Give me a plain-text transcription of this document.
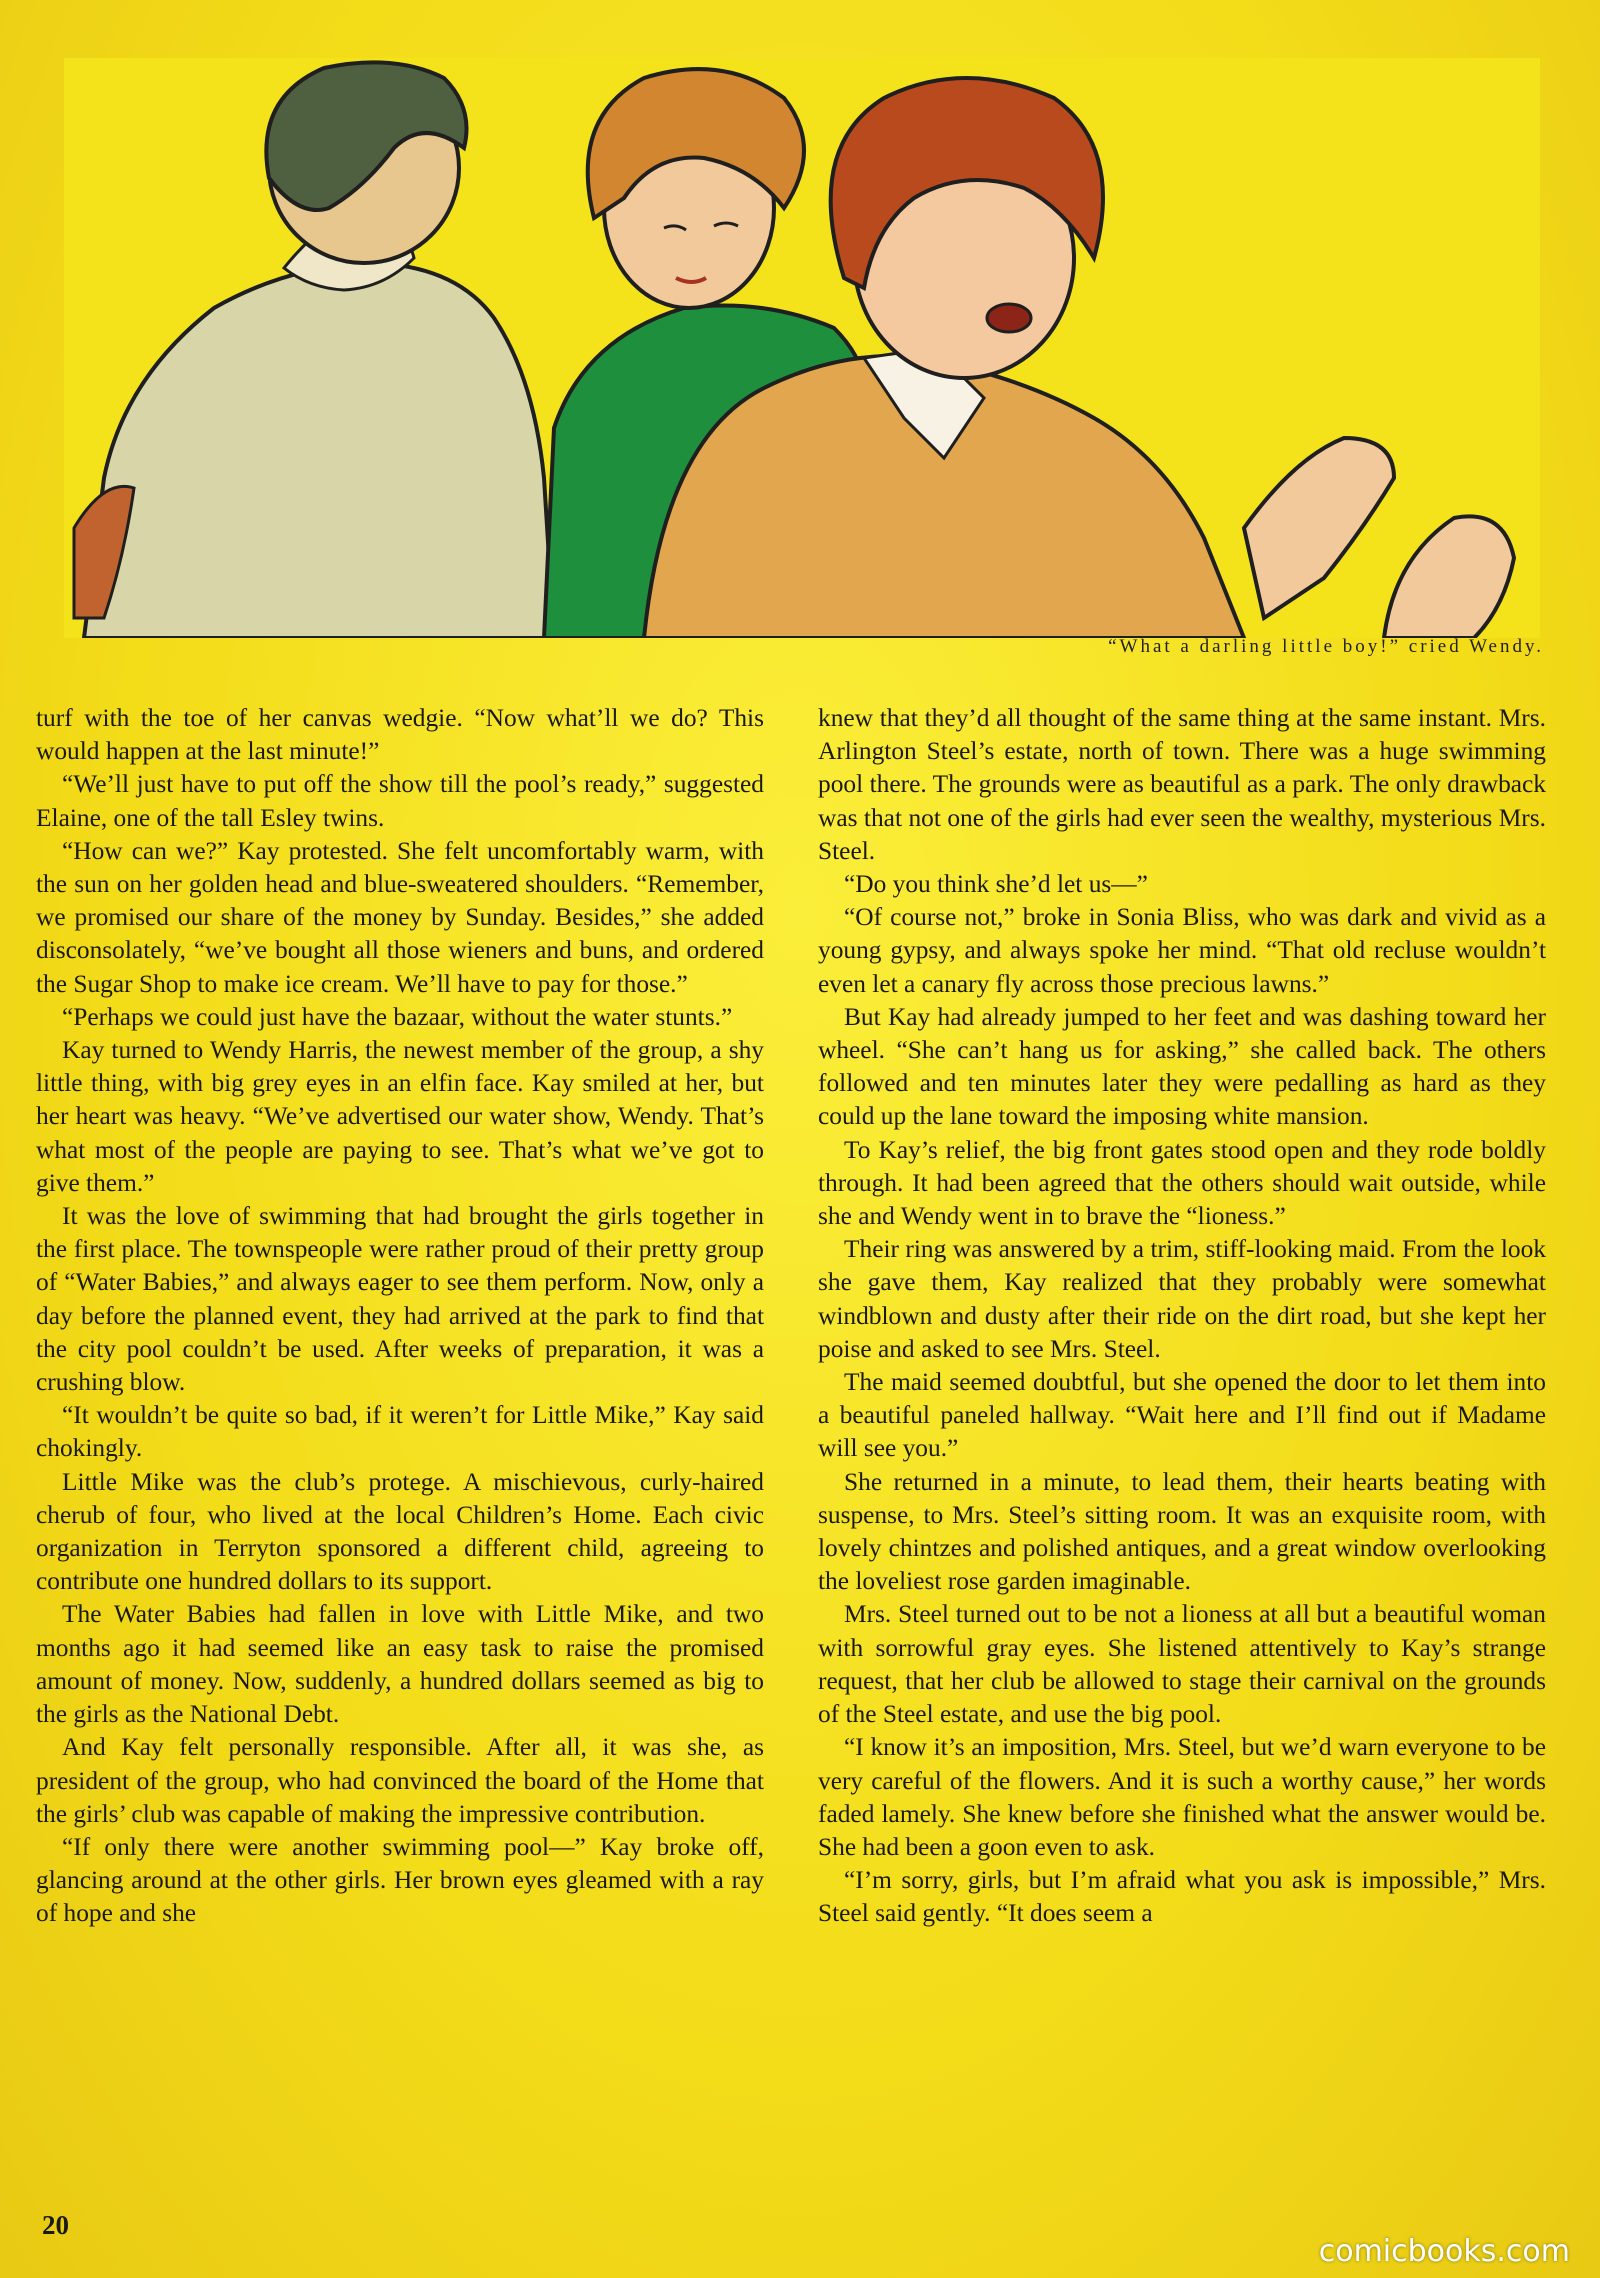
“What a darling little boy!” cried Wendy.

turf with the toe of her canvas wedgie. “Now what’ll we do? This would happen at the last minute!”

“We’ll just have to put off the show till the pool’s ready,” suggested Elaine, one of the tall Esley twins.

“How can we?” Kay protested. She felt uncomfortably warm, with the sun on her golden head and blue-sweatered shoulders. “Remember, we promised our share of the money by Sunday. Besides,” she added disconsolately, “we’ve bought all those wieners and buns, and ordered the Sugar Shop to make ice cream. We’ll have to pay for those.”

“Perhaps we could just have the bazaar, without the water stunts.”

Kay turned to Wendy Harris, the newest member of the group, a shy little thing, with big grey eyes in an elfin face. Kay smiled at her, but her heart was heavy. “We’ve advertised our water show, Wendy. That’s what most of the people are paying to see. That’s what we’ve got to give them.”

It was the love of swimming that had brought the girls together in the first place. The townspeople were rather proud of their pretty group of “Water Babies,” and always eager to see them perform. Now, only a day before the planned event, they had arrived at the park to find that the city pool couldn’t be used. After weeks of preparation, it was a crushing blow.

“It wouldn’t be quite so bad, if it weren’t for Little Mike,” Kay said chokingly.

Little Mike was the club’s protege. A mischievous, curly-haired cherub of four, who lived at the local Children’s Home. Each civic organization in Terryton sponsored a different child, agreeing to contribute one hundred dollars to its support.

The Water Babies had fallen in love with Little Mike, and two months ago it had seemed like an easy task to raise the promised amount of money. Now, suddenly, a hundred dollars seemed as big to the girls as the National Debt.

And Kay felt personally responsible. After all, it was she, as president of the group, who had convinced the board of the Home that the girls’ club was capable of making the impressive contribution.

“If only there were another swimming pool—” Kay broke off, glancing around at the other girls. Her brown eyes gleamed with a ray of hope and she

knew that they’d all thought of the same thing at the same instant. Mrs. Arlington Steel’s estate, north of town. There was a huge swimming pool there. The grounds were as beautiful as a park. The only drawback was that not one of the girls had ever seen the wealthy, mysterious Mrs. Steel.

“Do you think she’d let us—”

“Of course not,” broke in Sonia Bliss, who was dark and vivid as a young gypsy, and always spoke her mind. “That old recluse wouldn’t even let a canary fly across those precious lawns.”

But Kay had already jumped to her feet and was dashing toward her wheel. “She can’t hang us for asking,” she called back. The others followed and ten minutes later they were pedalling as hard as they could up the lane toward the imposing white mansion.

To Kay’s relief, the big front gates stood open and they rode boldly through. It had been agreed that the others should wait outside, while she and Wendy went in to brave the “lioness.”

Their ring was answered by a trim, stiff-looking maid. From the look she gave them, Kay realized that they probably were somewhat windblown and dusty after their ride on the dirt road, but she kept her poise and asked to see Mrs. Steel.

The maid seemed doubtful, but she opened the door to let them into a beautiful paneled hallway. “Wait here and I’ll find out if Madame will see you.”

She returned in a minute, to lead them, their hearts beating with suspense, to Mrs. Steel’s sitting room. It was an exquisite room, with lovely chintzes and polished antiques, and a great window overlooking the loveliest rose garden imaginable.

Mrs. Steel turned out to be not a lioness at all but a beautiful woman with sorrowful gray eyes. She listened attentively to Kay’s strange request, that her club be allowed to stage their carnival on the grounds of the Steel estate, and use the big pool.

“I know it’s an imposition, Mrs. Steel, but we’d warn everyone to be very careful of the flowers. And it is such a worthy cause,” her words faded lamely. She knew before she finished what the answer would be. She had been a goon even to ask.

“I’m sorry, girls, but I’m afraid what you ask is impossible,” Mrs. Steel said gently. “It does seem a

20
comicbooks.com
